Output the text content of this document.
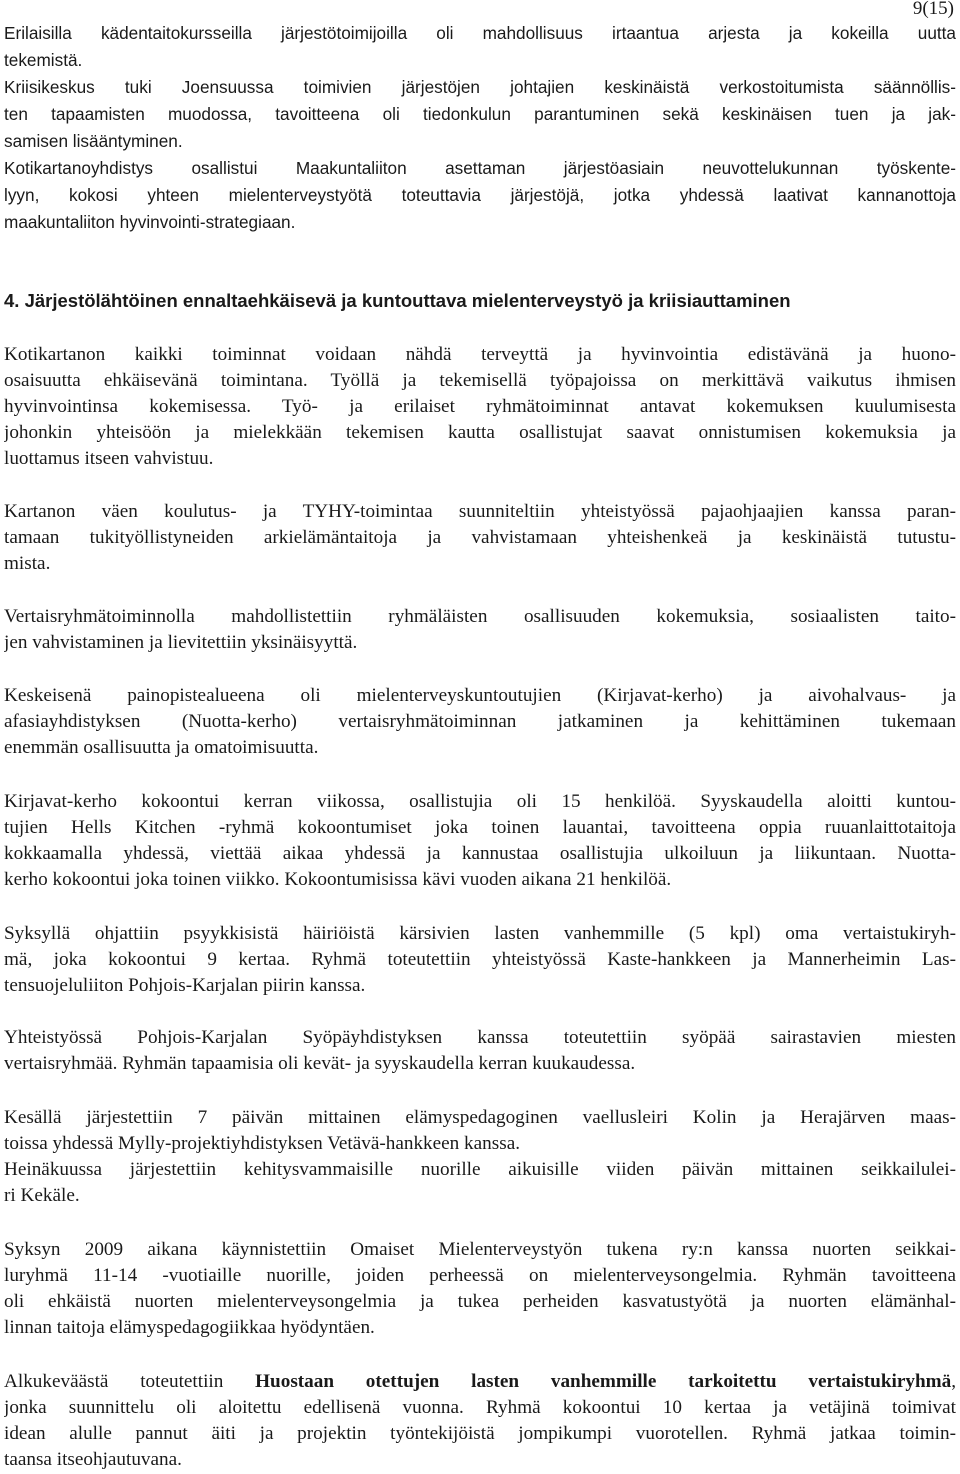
9(15)
Erilaisilla kädentaitokursseilla järjestötoimijoilla oli mahdollisuus irtaantua arjesta ja kokeilla uutta
tekemistä.
Kriisikeskus tuki Joensuussa toimivien järjestöjen johtajien keskinäistä verkostoitumista säännöllis-
ten tapaamisten muodossa, tavoitteena oli tiedonkulun parantuminen sekä keskinäisen tuen ja jak-
samisen lisääntyminen.
Kotikartanoyhdistys osallistui Maakuntaliiton asettaman järjestöasiain neuvottelukunnan työskente-
lyyn, kokosi yhteen mielenterveystyötä toteuttavia järjestöjä, jotka yhdessä laativat kannanottoja
maakuntaliiton hyvinvointi-strategiaan.
4. Järjestölähtöinen ennaltaehkäisevä ja kuntouttava mielenterveystyö ja kriisiauttaminen
Kotikartanon kaikki toiminnat voidaan nähdä terveyttä ja hyvinvointia edistävänä ja huono-
osaisuutta ehkäisevänä toimintana. Työllä ja tekemisellä työpajoissa on merkittävä vaikutus ihmisen
hyvinvointinsa kokemisessa. Työ- ja erilaiset ryhmätoiminnat antavat kokemuksen kuulumisesta
johonkin yhteisöön ja mielekkään tekemisen kautta osallistujat saavat onnistumisen kokemuksia ja
luottamus itseen vahvistuu.
Kartanon väen koulutus- ja TYHY-toimintaa suunniteltiin yhteistyössä pajaohjaajien kanssa paran-
tamaan tukityöllistyneiden arkielämäntaitoja ja vahvistamaan yhteishenkeä ja keskinäistä tutustu-
mista.
Vertaisryhmätoiminnolla mahdollistettiin ryhmäläisten osallisuuden kokemuksia, sosiaalisten taito-
jen vahvistaminen ja lievitettiin yksinäisyyttä.
Keskeisenä painopistealueena oli mielenterveyskuntoutujien (Kirjavat-kerho) ja aivohalvaus- ja
afasiayhdistyksen (Nuotta-kerho) vertaisryhmätoiminnan jatkaminen ja kehittäminen tukemaan
enemmän osallisuutta ja omatoimisuutta.
Kirjavat-kerho kokoontui kerran viikossa, osallistujia oli 15 henkilöä. Syyskaudella aloitti kuntou-
tujien Hells Kitchen -ryhmä kokoontumiset joka toinen lauantai, tavoitteena oppia ruuanlaittotaitoja
kokkaamalla yhdessä, viettää aikaa yhdessä ja kannustaa osallistujia ulkoiluun ja liikuntaan. Nuotta-
kerho kokoontui joka toinen viikko. Kokoontumisissa kävi vuoden aikana 21 henkilöä.
Syksyllä ohjattiin psyykkisistä häiriöistä kärsivien lasten vanhemmille (5 kpl) oma vertaistukiryh-
mä, joka kokoontui 9 kertaa. Ryhmä toteutettiin yhteistyössä Kaste-hankkeen ja Mannerheimin Las-
tensuojeluliiton Pohjois-Karjalan piirin kanssa.
Yhteistyössä Pohjois-Karjalan Syöpäyhdistyksen kanssa toteutettiin syöpää sairastavien miesten
vertaisryhmää. Ryhmän tapaamisia oli kevät- ja syyskaudella kerran kuukaudessa.
Kesällä järjestettiin 7 päivän mittainen elämyspedagoginen vaellusleiri Kolin ja Herajärven maas-
toissa yhdessä Mylly-projektiyhdistyksen Vetävä-hankkeen kanssa.
Heinäkuussa järjestettiin kehitysvammaisille nuorille aikuisille viiden päivän mittainen seikkailulei-
ri Kekäle.
Syksyn 2009 aikana käynnistettiin Omaiset Mielenterveystyön tukena ry:n kanssa nuorten seikkai-
luryhmä 11-14 -vuotiaille nuorille, joiden perheessä on mielenterveysongelmia. Ryhmän tavoitteena
oli ehkäistä nuorten mielenterveysongelmia ja tukea perheiden kasvatustyötä ja nuorten elämänhal-
linnan taitoja elämyspedagogiikkaa hyödyntäen.
Alkukeväästä toteutettiin Huostaan otettujen lasten vanhemmille tarkoitettu vertaistukiryhmä,
jonka suunnittelu oli aloitettu edellisenä vuonna. Ryhmä kokoontui 10 kertaa ja vetäjinä toimivat
idean alulle pannut äiti ja projektin työntekijöistä jompikumpi vuorotellen. Ryhmä jatkaa toimin-
taansa itseohjautuvana.
